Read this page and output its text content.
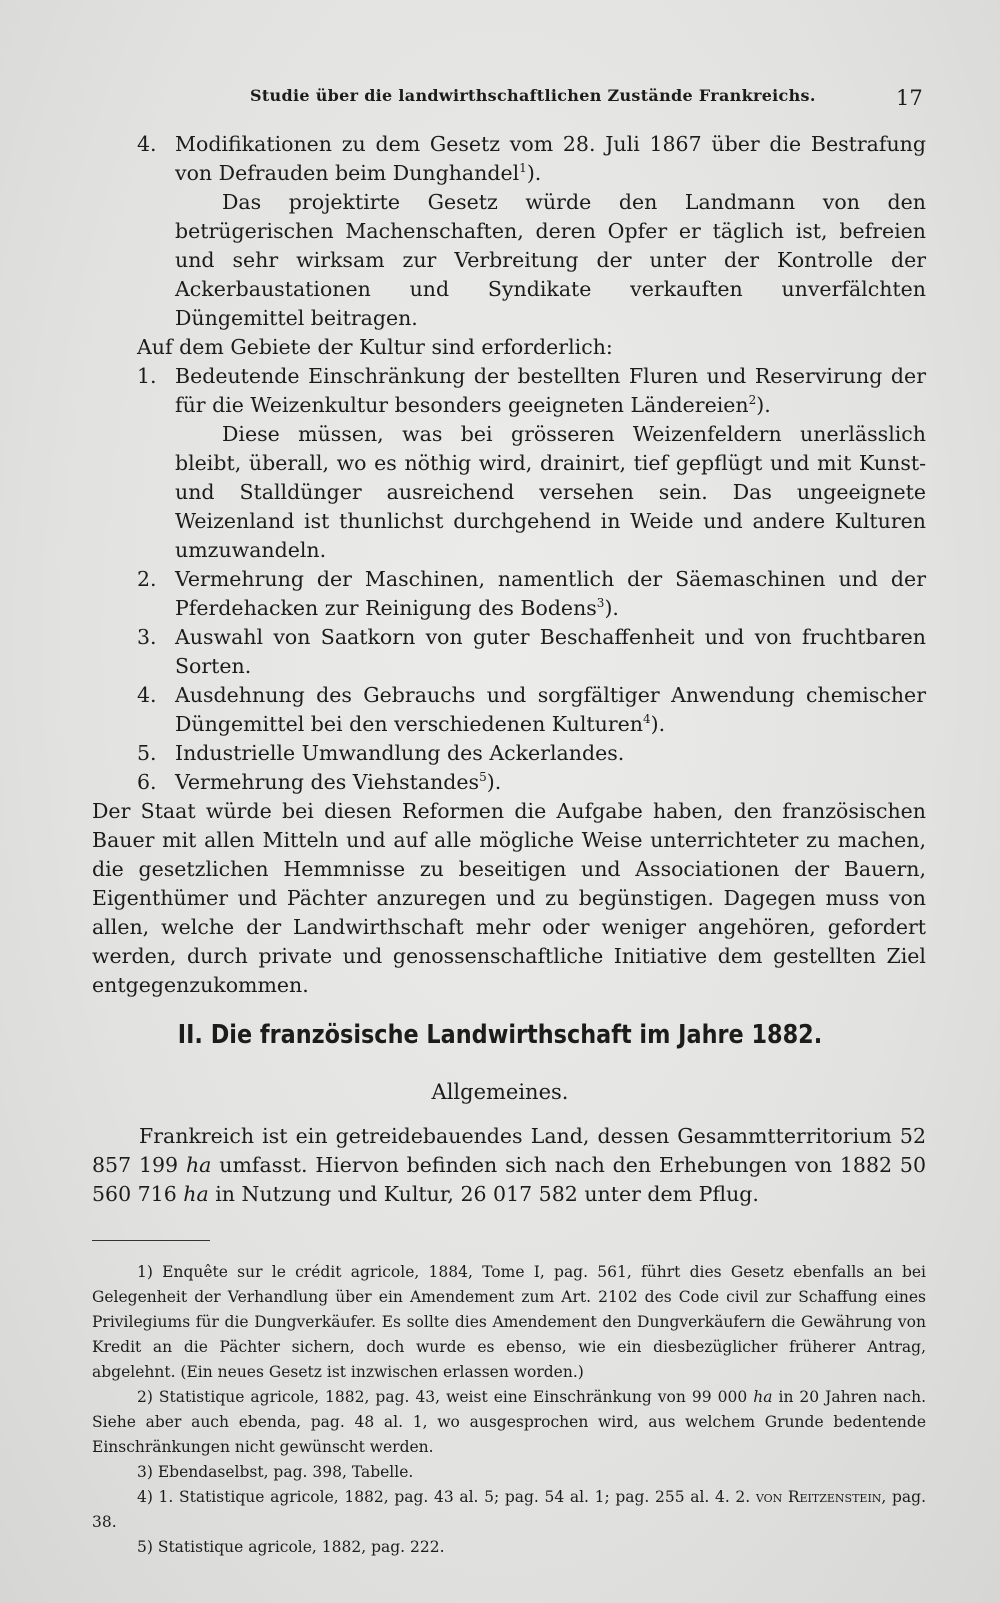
Studie über die landwirthschaftlichen Zustände Frankreichs.	17

4. Modifikationen zu dem Gesetz vom 28. Juli 1867 über die Bestrafung von Defrauden beim Dunghandel$^1$).
Das projektirte Gesetz würde den Landmann von den betrügerischen Machenschaften, deren Opfer er täglich ist, befreien und sehr wirksam zur Verbreitung der unter der Kontrolle der Ackerbaustationen und Syndikate verkauften unverfälchten Düngemittel beitragen.

Auf dem Gebiete der Kultur sind erforderlich:

1. Bedeutende Einschränkung der bestellten Fluren und Reservirung der für die Weizenkultur besonders geeigneten Ländereien$^2$).
Diese müssen, was bei grösseren Weizenfeldern unerlässlich bleibt, überall, wo es nöthig wird, drainirt, tief gepflügt und mit Kunst- und Stalldünger ausreichend versehen sein. Das ungeeignete Weizenland ist thunlichst durchgehend in Weide und andere Kulturen umzuwandeln.

2. Vermehrung der Maschinen, namentlich der Säemaschinen und der Pferdehacken zur Reinigung des Bodens$^3$).

3. Auswahl von Saatkorn von guter Beschaffenheit und von fruchtbaren Sorten.

4. Ausdehnung des Gebrauchs und sorgfältiger Anwendung chemischer Düngemittel bei den verschiedenen Kulturen$^4$).

5. Industrielle Umwandlung des Ackerlandes.

6. Vermehrung des Viehstandes$^5$).

Der Staat würde bei diesen Reformen die Aufgabe haben, den französischen Bauer mit allen Mitteln und auf alle mögliche Weise unterrichteter zu machen, die gesetzlichen Hemmnisse zu beseitigen und Associationen der Bauern, Eigenthümer und Pächter anzuregen und zu begünstigen. Dagegen muss von allen, welche der Landwirthschaft mehr oder weniger angehören, gefordert werden, durch private und genossenschaftliche Initiative dem gestellten Ziel entgegenzukommen.

II. Die französische Landwirthschaft im Jahre 1882.
Allgemeines.

Frankreich ist ein getreidebauendes Land, dessen Gesammtterritorium 52 857 199 ha umfasst. Hiervon befinden sich nach den Erhebungen von 1882 50 560 716 ha in Nutzung und Kultur, 26 017 582 unter dem Pflug.

1) Enquête sur le crédit agricole, 1884, Tome I, pag. 561, führt dies Gesetz ebenfalls an bei Gelegenheit der Verhandlung über ein Amendement zum Art. 2102 des Code civil zur Schaffung eines Privilegiums für die Dungverkäufer. Es sollte dies Amendement den Dungverkäufern die Gewährung von Kredit an die Pächter sichern, doch wurde es ebenso, wie ein diesbezüglicher früherer Antrag, abgelehnt. (Ein neues Gesetz ist inzwischen erlassen worden.)

2) Statistique agricole, 1882, pag. 43, weist eine Einschränkung von 99 000 ha in 20 Jahren nach. Siehe aber auch ebenda, pag. 48 al. 1, wo ausgesprochen wird, aus welchem Grunde bedentende Einschränkungen nicht gewünscht werden.

3) Ebendaselbst, pag. 398, Tabelle.

4) 1. Statistique agricole, 1882, pag. 43 al. 5; pag. 54 al. 1; pag. 255 al. 4. 2. von Reitzenstein, pag. 38.

5) Statistique agricole, 1882, pag. 222.
